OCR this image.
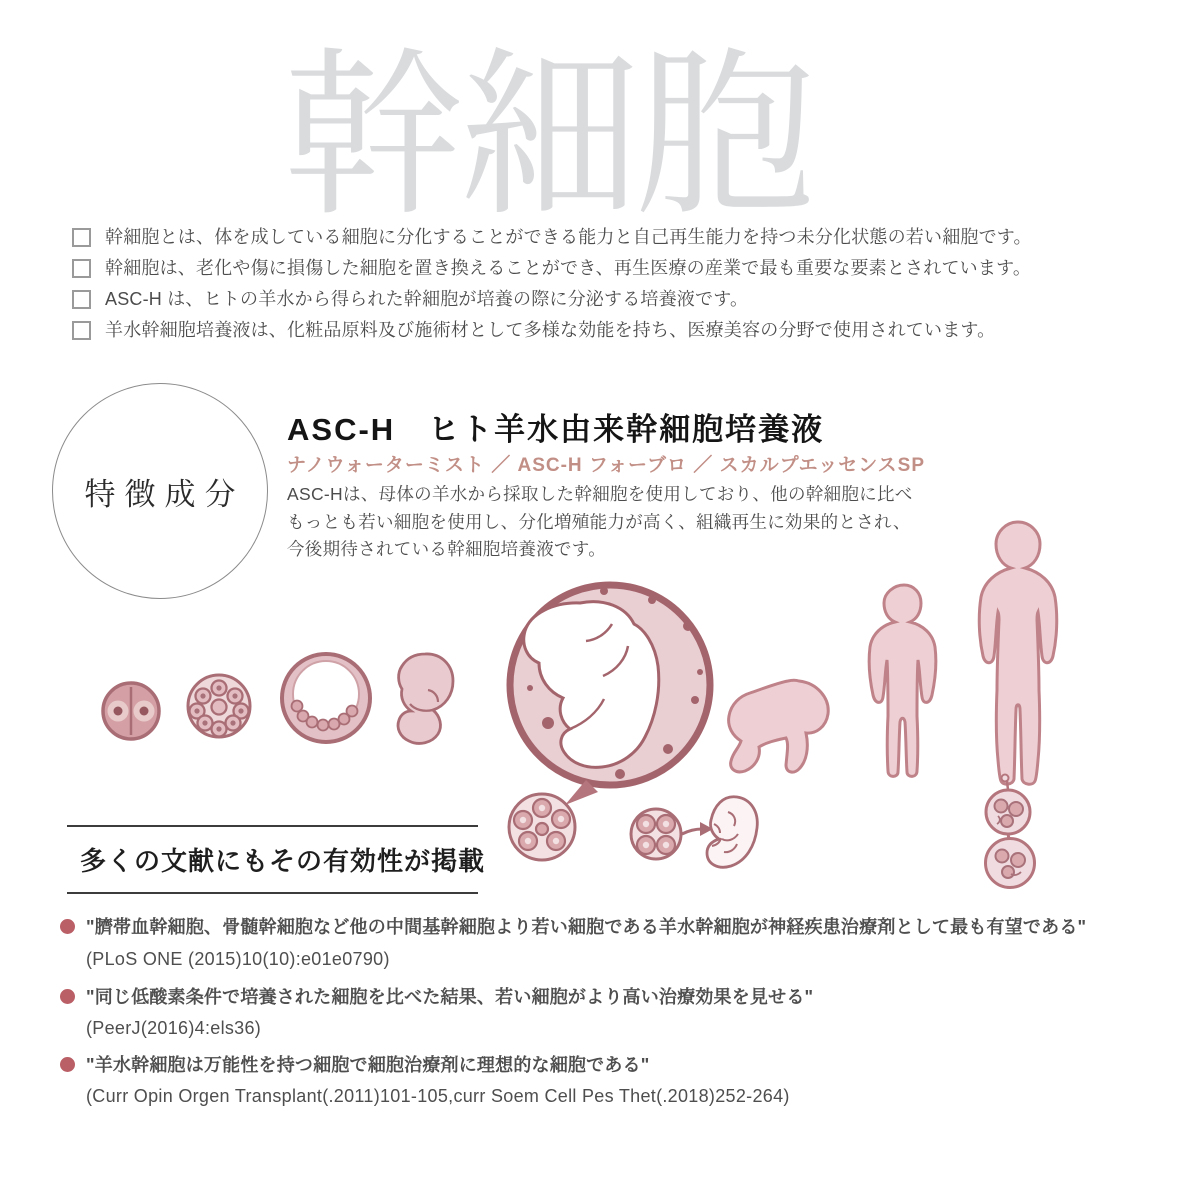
幹細胞
幹細胞とは、体を成している細胞に分化することができる能力と自己再生能力を持つ未分化状態の若い細胞です。
幹細胞は、老化や傷に損傷した細胞を置き換えることができ、再生医療の産業で最も重要な要素とされています。
ASC-H は、ヒトの羊水から得られた幹細胞が培養の際に分泌する培養液です。
羊水幹細胞培養液は、化粧品原料及び施術材として多様な効能を持ち、医療美容の分野で使用されています。
特徴成分
ASC-H　ヒト羊水由来幹細胞培養液
ナノウォーターミスト ／ ASC-H フォーブロ ／ スカルプエッセンスSP
ASC-Hは、母体の羊水から採取した幹細胞を使用しており、他の幹細胞に比べ
もっとも若い細胞を使用し、分化増殖能力が高く、組織再生に効果的とされ、
今後期待されている幹細胞培養液です。
多くの文献にもその有効性が掲載
"臍帯血幹細胞、骨髄幹細胞など他の中間基幹細胞より若い細胞である羊水幹細胞が神経疾患治療剤として最も有望である"
(PLoS ONE (2015)10(10):e01e0790)
"同じ低酸素条件で培養された細胞を比べた結果、若い細胞がより高い治療効果を見せる"
(PeerJ(2016)4:els36)
"羊水幹細胞は万能性を持つ細胞で細胞治療剤に理想的な細胞である"
(Curr Opin Orgen Transplant(.2011)101-105,curr Soem Cell Pes Thet(.2018)252-264)
